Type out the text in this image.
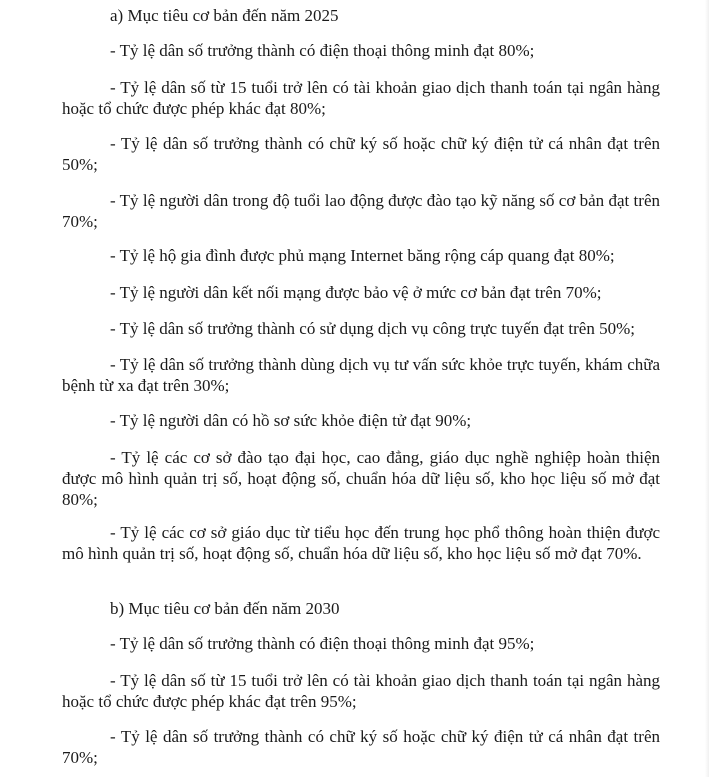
a) Mục tiêu cơ bản đến năm 2025

- Tỷ lệ dân số trưởng thành có điện thoại thông minh đạt 80%;

- Tỷ lệ dân số từ 15 tuổi trở lên có tài khoản giao dịch thanh toán tại ngân hàng hoặc tổ chức được phép khác đạt 80%;

- Tỷ lệ dân số trưởng thành có chữ ký số hoặc chữ ký điện tử cá nhân đạt trên 50%;

- Tỷ lệ người dân trong độ tuổi lao động được đào tạo kỹ năng số cơ bản đạt trên 70%;

- Tỷ lệ hộ gia đình được phủ mạng Internet băng rộng cáp quang đạt 80%;

- Tỷ lệ người dân kết nối mạng được bảo vệ ở mức cơ bản đạt trên 70%;

- Tỷ lệ dân số trưởng thành có sử dụng dịch vụ công trực tuyến đạt trên 50%;

- Tỷ lệ dân số trưởng thành dùng dịch vụ tư vấn sức khỏe trực tuyến, khám chữa bệnh từ xa đạt trên 30%;

- Tỷ lệ người dân có hồ sơ sức khỏe điện tử đạt 90%;

- Tỷ lệ các cơ sở đào tạo đại học, cao đẳng, giáo dục nghề nghiệp hoàn thiện được mô hình quản trị số, hoạt động số, chuẩn hóa dữ liệu số, kho học liệu số mở đạt 80%;

- Tỷ lệ các cơ sở giáo dục từ tiểu học đến trung học phổ thông hoàn thiện được mô hình quản trị số, hoạt động số, chuẩn hóa dữ liệu số, kho học liệu số mở đạt 70%.

b) Mục tiêu cơ bản đến năm 2030

- Tỷ lệ dân số trưởng thành có điện thoại thông minh đạt 95%;

- Tỷ lệ dân số từ 15 tuổi trở lên có tài khoản giao dịch thanh toán tại ngân hàng hoặc tổ chức được phép khác đạt trên 95%;

- Tỷ lệ dân số trưởng thành có chữ ký số hoặc chữ ký điện tử cá nhân đạt trên 70%;
